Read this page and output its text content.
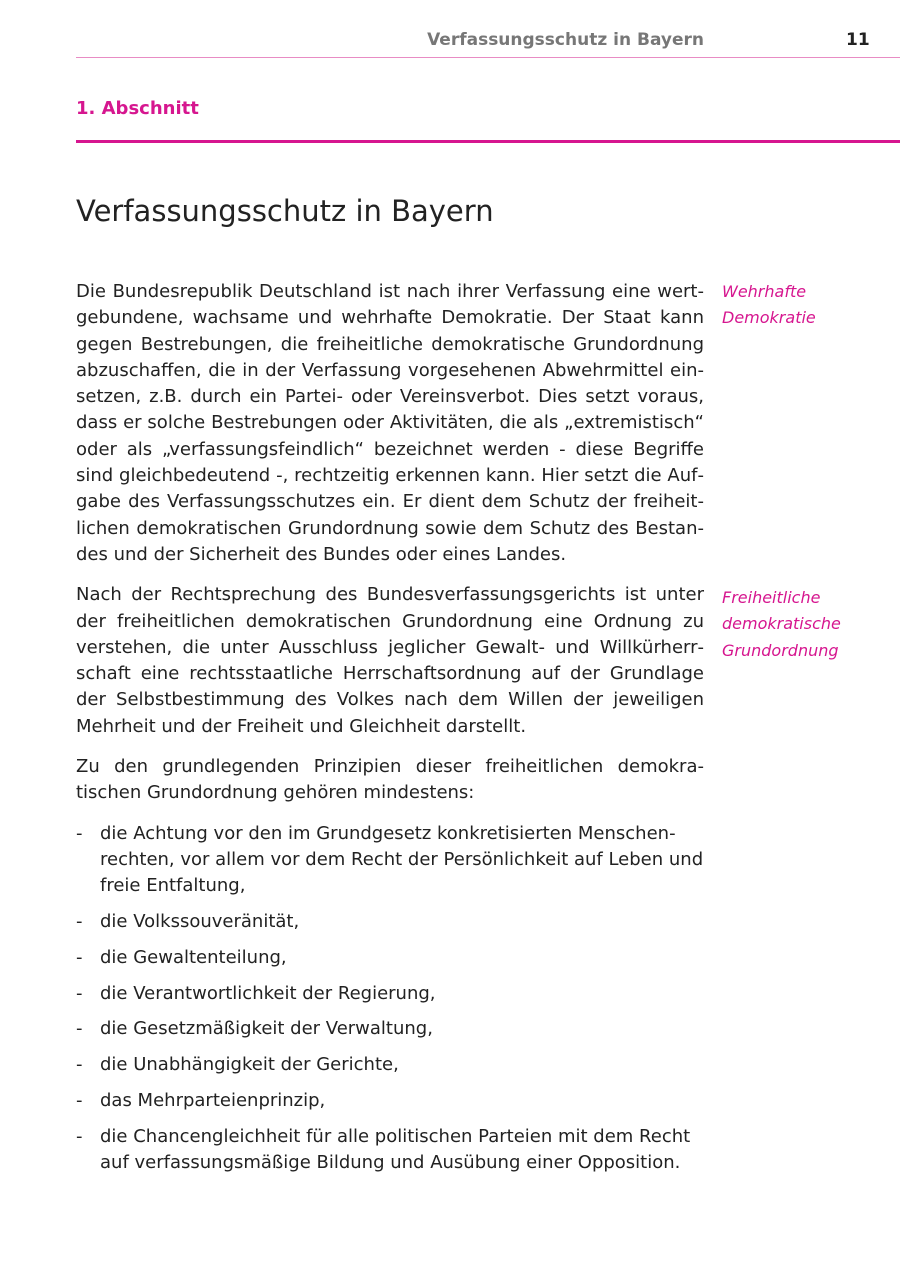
Verfassungsschutz in Bayern	11
1. Abschnitt
Verfassungsschutz in Bayern

Die Bundesrepublik Deutschland ist nach ihrer Verfassung eine wertgebundene, wachsame und wehrhafte Demokratie. Der Staat kann gegen Bestrebungen, die freiheitliche demokratische Grundordnung abzuschaffen, die in der Verfassung vorgesehenen Abwehrmittel einsetzen, z.B. durch ein Partei- oder Vereinsverbot. Dies setzt voraus, dass er solche Bestrebungen oder Aktivitäten, die als „extremistisch“ oder als „verfassungsfeindlich“ bezeichnet werden - diese Begriffe sind gleichbedeutend -, rechtzeitig erkennen kann. Hier setzt die Aufgabe des Verfassungsschutzes ein. Er dient dem Schutz der freiheitlichen demokratischen Grundordnung sowie dem Schutz des Bestandes und der Sicherheit des Bundes oder eines Landes.

Nach der Rechtsprechung des Bundesverfassungsgerichts ist unter der freiheitlichen demokratischen Grundordnung eine Ordnung zu verstehen, die unter Ausschluss jeglicher Gewalt- und Willkürherrschaft eine rechtsstaatliche Herrschaftsordnung auf der Grundlage der Selbstbestimmung des Volkes nach dem Willen der jeweiligen Mehrheit und der Freiheit und Gleichheit darstellt.

Zu den grundlegenden Prinzipien dieser freiheitlichen demokratischen Grundordnung gehören mindestens:

- die Achtung vor den im Grundgesetz konkretisierten Menschenrechten, vor allem vor dem Recht der Persönlichkeit auf Leben und freie Entfaltung,
- die Volkssouveränität,
- die Gewaltenteilung,
- die Verantwortlichkeit der Regierung,
- die Gesetzmäßigkeit der Verwaltung,
- die Unabhängigkeit der Gerichte,
- das Mehrparteienprinzip,
- die Chancengleichheit für alle politischen Parteien mit dem Recht auf verfassungsmäßige Bildung und Ausübung einer Opposition.
Wehrhafte
Demokratie
Freiheitliche
demokratische
Grundordnung
